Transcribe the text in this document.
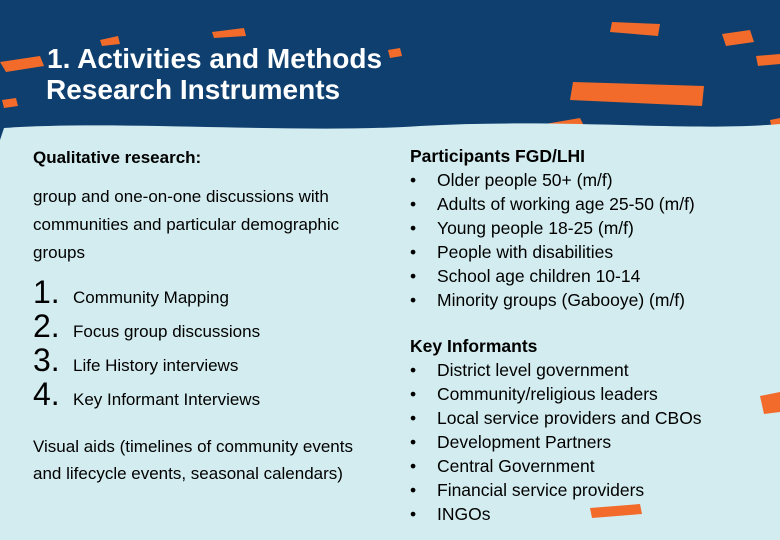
1. Activities and Methods
Research Instruments
Qualitative research:

group and one-on-one discussions with communities and particular demographic groups

1. Community Mapping
2. Focus group discussions
3. Life History interviews
4. Key Informant Interviews
Visual aids (timelines of community events and lifecycle events, seasonal calendars)
Participants FGD/LHI
•	Older people 50+ (m/f)
•	Adults of working age 25-50 (m/f)
•	Young people 18-25 (m/f)
•	People with disabilities
•	School age children 10-14
•	Minority groups (Gabooye) (m/f)
Key Informants
•	District level government
•	Community/religious leaders
•	Local service providers and CBOs
•	Development Partners
•	Central Government
•	Financial service providers
•	INGOs
